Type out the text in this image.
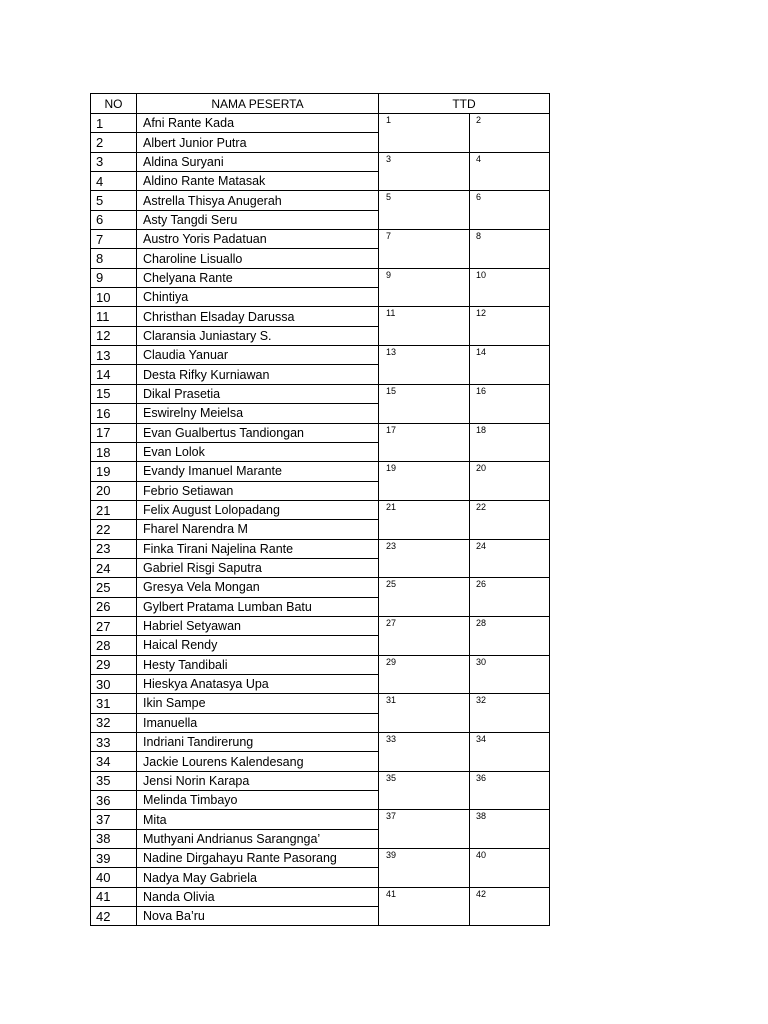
NO	NAMA PESERTA	TTD	
1	Afni Rante Kada	1	2
2	Albert Junior Putra		
3	Aldina Suryani	3	4
4	Aldino Rante Matasak		
5	Astrella Thisya Anugerah	5	6
6	Asty Tangdi Seru		
7	Austro Yoris Padatuan	7	8
8	Charoline Lisuallo		
9	Chelyana Rante	9	10
10	Chintiya		
11	Christhan Elsaday Darussa	11	12
12	Claransia Juniastary S.		
13	Claudia Yanuar	13	14
14	Desta Rifky Kurniawan		
15	Dikal Prasetia	15	16
16	Eswirelny Meielsa		
17	Evan Gualbertus Tandiongan	17	18
18	Evan Lolok		
19	Evandy Imanuel Marante	19	20
20	Febrio Setiawan		
21	Felix August Lolopadang	21	22
22	Fharel Narendra M		
23	Finka Tirani Najelina Rante	23	24
24	Gabriel Risgi Saputra		
25	Gresya Vela Mongan	25	26
26	Gylbert Pratama Lumban Batu		
27	Habriel Setyawan	27	28
28	Haical Rendy		
29	Hesty Tandibali	29	30
30	Hieskya Anatasya Upa		
31	Ikin Sampe	31	32
32	Imanuella		
33	Indriani Tandirerung	33	34
34	Jackie Lourens Kalendesang		
35	Jensi Norin Karapa	35	36
36	Melinda Timbayo		
37	Mita	37	38
38	Muthyani Andrianus Sarangnga’		
39	Nadine Dirgahayu Rante Pasorang	39	40
40	Nadya May Gabriela		
41	Nanda Olivia	41	42
42	Nova Ba’ru		
